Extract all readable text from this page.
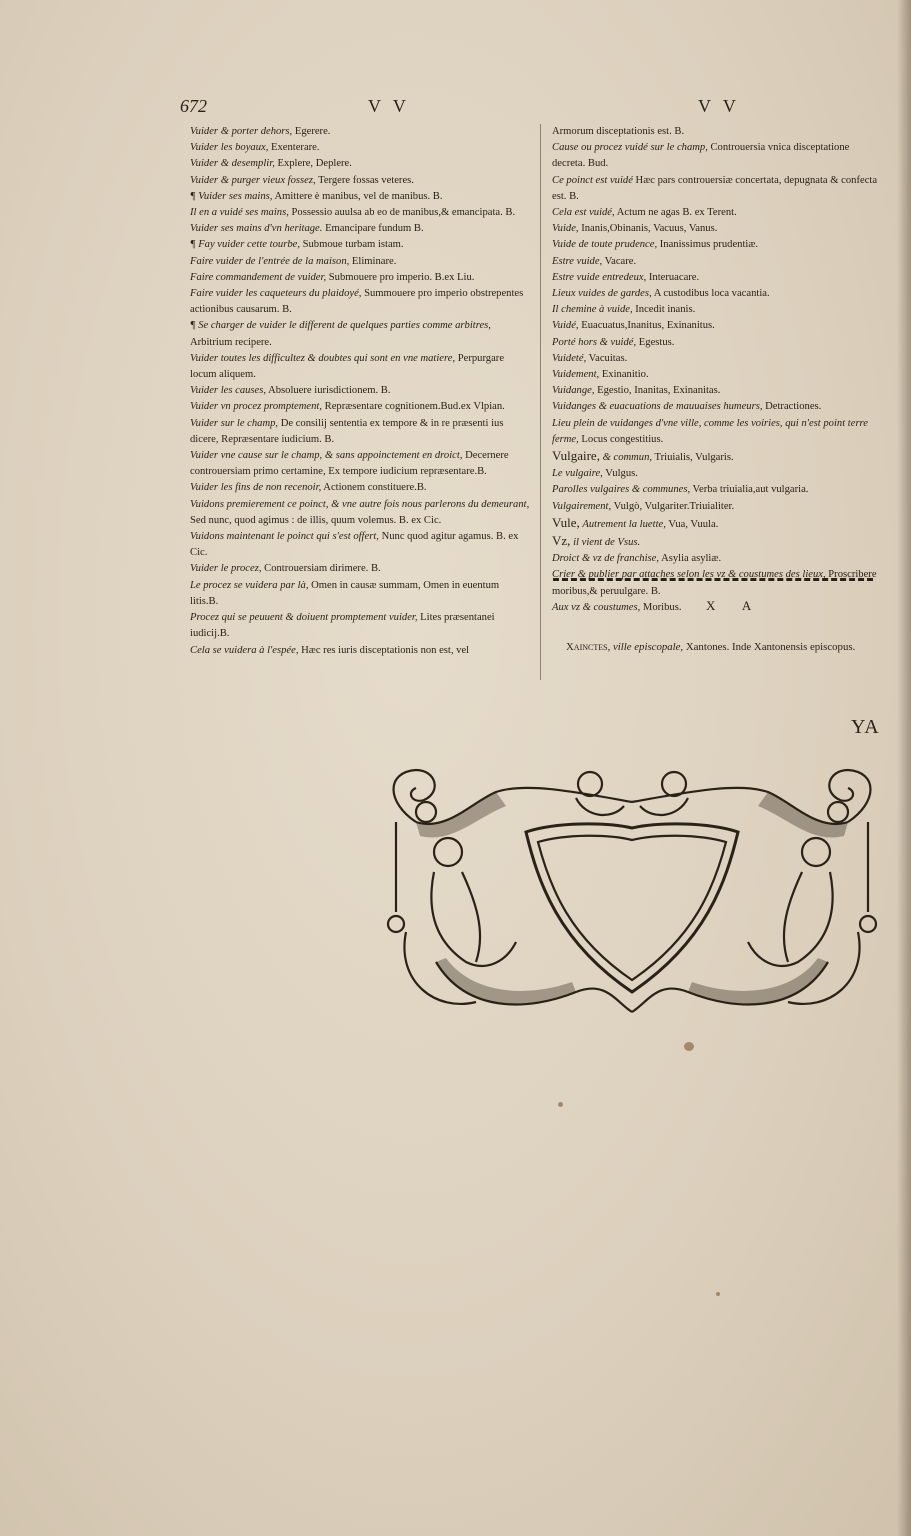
672	V V	V V

Vuider & porter dehors, Egerere.

Vuider les boyaux, Exenterare.

Vuider & desemplir, Explere, Deplere.

Vuider & purger vieux fossez, Tergere fossas veteres.

¶ Vuider ses mains, Amittere è manibus, vel de manibus. B.

Il en a vuidé ses mains, Possessio auulsa ab eo de manibus,& emancipata. B.

Vuider ses mains d'vn heritage. Emancipare fundum B.

¶ Fay vuider cette tourbe, Submoue turbam istam.

Faire vuider de l'entrée de la maison, Eliminare.

Faire commandement de vuider, Submouere pro imperio. B.ex Liu.

Faire vuider les caqueteurs du plaidoyé, Summouere pro imperio obstrepentes actionibus causarum. B.

¶ Se charger de vuider le different de quelques parties comme arbitres, Arbitrium recipere.

Vuider toutes les difficultez & doubtes qui sont en vne matiere, Perpurgare locum aliquem.

Vuider les causes, Absoluere iurisdictionem. B.

Vuider vn procez promptement, Repræsentare cognitionem.Bud.ex Vlpian.

Vuider sur le champ, De consilij sententia ex tempore & in re præsenti ius dicere, Repræsentare iudicium. B.

Vuider vne cause sur le champ, & sans appoinctement en droict, Decernere controuersiam primo certamine, Ex tempore iudicium repræsentare.B.

Vuider les fins de non recenoir, Actionem constituere.B.

Vuidons premierement ce poinct, & vne autre fois nous parlerons du demeurant, Sed nunc, quod agimus : de illis, quum volemus. B. ex Cic.

Vuidons maintenant le poinct qui s'est offert, Nunc quod agitur agamus. B. ex Cic.

Vuider le procez, Controuersiam dirimere. B.

Le procez se vuidera par là, Omen in causæ summam, Omen in euentum litis.B.

Procez qui se peuuent & doiuent promptement vuider, Lites præsentanei iudicij.B.

Cela se vuidera à l'espée, Hæc res iuris disceptationis non est, vel

Armorum disceptationis est. B.

Cause ou procez vuidé sur le champ, Controuersia vnica disceptatione decreta. Bud.

Ce poinct est vuidé Hæc pars controuersiæ concertata, depugnata & confecta est. B.

Cela est vuidé, Actum ne agas B. ex Terent.

Vuide, Inanis,Obinanis, Vacuus, Vanus.

Vuide de toute prudence, Inanissimus prudentiæ.

Estre vuide, Vacare.

Estre vuide entredeux, Interuacare.

Lieux vuides de gardes, A custodibus loca vacantia.

Il chemine à vuide, Incedit inanis.

Vuidé, Euacuatus,Inanitus, Exinanitus.

Porté hors & vuidé, Egestus.

Vuideté, Vacuitas.

Vuidement, Exinanitio.

Vuidange, Egestio, Inanitas, Exinanitas.

Vuidanges & euacuations de mauuaises humeurs, Detractiones.

Lieu plein de vuidanges d'vne ville, comme les voiries, qui n'est point terre ferme, Locus congestitius.

Vulgaire, & commun, Triuialis, Vulgaris.

Le vulgaire, Vulgus.

Parolles vulgaires & communes, Verba triuialia,aut vulgaria.

Vulgairement, Vulgò, Vulgariter.Triuialiter.

Vule, Autrement la luette, Vua, Vuula.

Vz, il vient de Vsus.

Droict & vz de franchise, Asylia asyliæ.

Crier & publier par attaches selon les vz & coustumes des lieux, Proscribere moribus,& peruulgare. B.

Aux vz & coustumes, Moribus.	X A

Xainctes, ville episcopale, Xantones. Inde Xantonensis episcopus.

YA
